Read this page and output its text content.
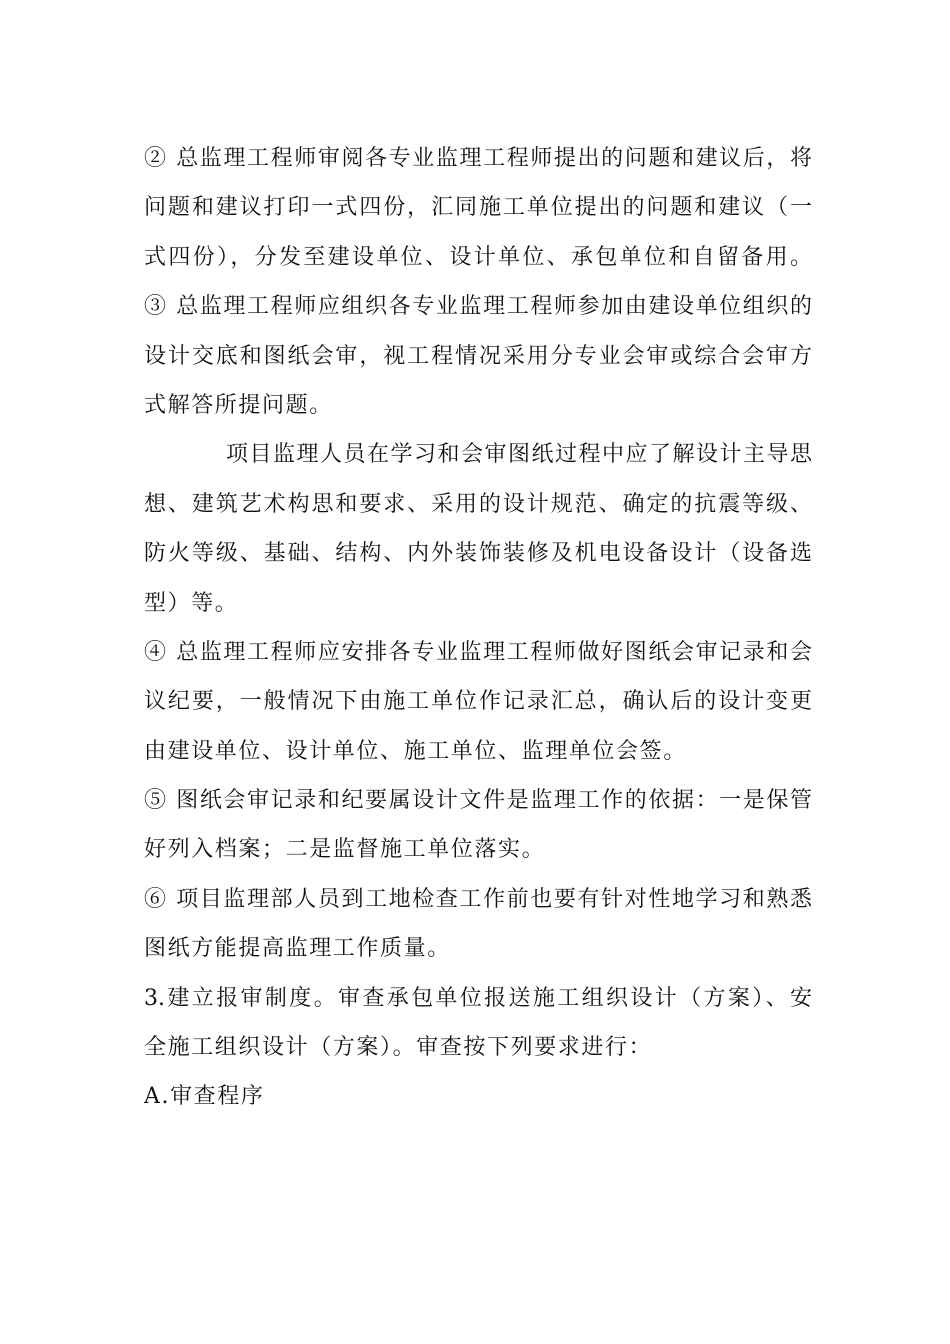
② 总监理工程师审阅各专业监理工程师提出的问题和建议后，将
问题和建议打印一式四份，汇同施工单位提出的问题和建议（一
式四份），分发至建设单位、设计单位、承包单位和自留备用。
③ 总监理工程师应组织各专业监理工程师参加由建设单位组织的
设计交底和图纸会审，视工程情况采用分专业会审或综合会审方
式解答所提问题。
项目监理人员在学习和会审图纸过程中应了解设计主导思
想、建筑艺术构思和要求、采用的设计规范、确定的抗震等级、
防火等级、基础、结构、内外装饰装修及机电设备设计（设备选
型）等。
④ 总监理工程师应安排各专业监理工程师做好图纸会审记录和会
议纪要，一般情况下由施工单位作记录汇总，确认后的设计变更
由建设单位、设计单位、施工单位、监理单位会签。
⑤ 图纸会审记录和纪要属设计文件是监理工作的依据：一是保管
好列入档案；二是监督施工单位落实。
⑥ 项目监理部人员到工地检查工作前也要有针对性地学习和熟悉
图纸方能提高监理工作质量。
3.建立报审制度。审查承包单位报送施工组织设计（方案）、安
全施工组织设计（方案）。审查按下列要求进行：
A.审查程序
